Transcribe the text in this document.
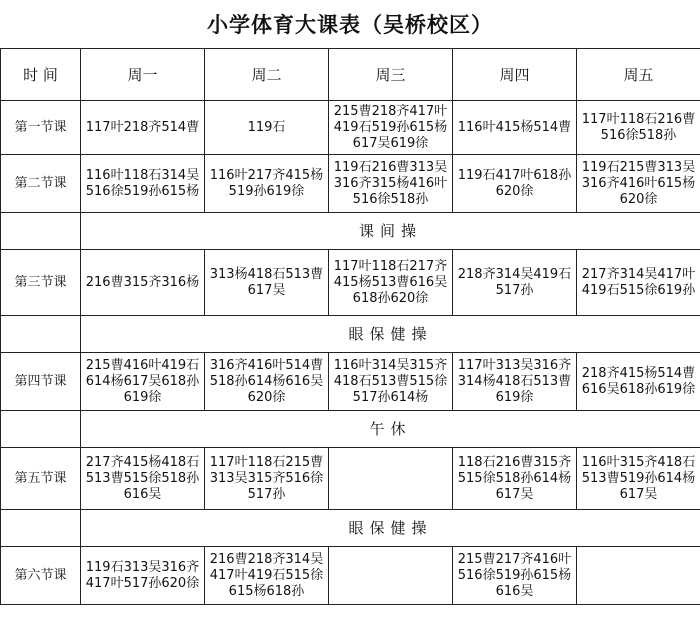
小学体育大课表（吴桥校区）
时 间	周一	周二	周三	周四	周五
第一节课	117叶218齐514曹	119石	215曹218齐417叶419石519孙615杨617吴619徐	116叶415杨514曹	117叶118石216曹516徐518孙
第二节课	116叶118石314吴516徐519孙615杨	116叶217齐415杨519孙619徐	119石216曹313吴316齐315杨416叶516徐518孙	119石417叶618孙620徐	119石215曹313吴316齐416叶615杨620徐
	课间操				
第三节课	216曹315齐316杨	313杨418石513曹617吴	117叶118石217齐415杨513曹616吴618孙620徐	218齐314吴419石517孙	217齐314吴417叶419石515徐619孙
	眼保健操				
第四节课	215曹416叶419石614杨617吴618孙619徐	316齐416叶514曹518孙614杨616吴620徐	116叶314吴315齐418石513曹515徐517孙614杨	117叶313吴316齐314杨418石513曹619徐	218齐415杨514曹616吴618孙619徐
	午休				
第五节课	217齐415杨418石513曹515徐518孙616吴	117叶118石215曹313吴315齐516徐517孙		118石216曹315齐515徐518孙614杨617吴	116叶315齐418石513曹519孙614杨617吴
	眼保健操				
第六节课	119石313吴316齐417叶517孙620徐	216曹218齐314吴417叶419石515徐615杨618孙		215曹217齐416叶516徐519孙615杨616吴	
